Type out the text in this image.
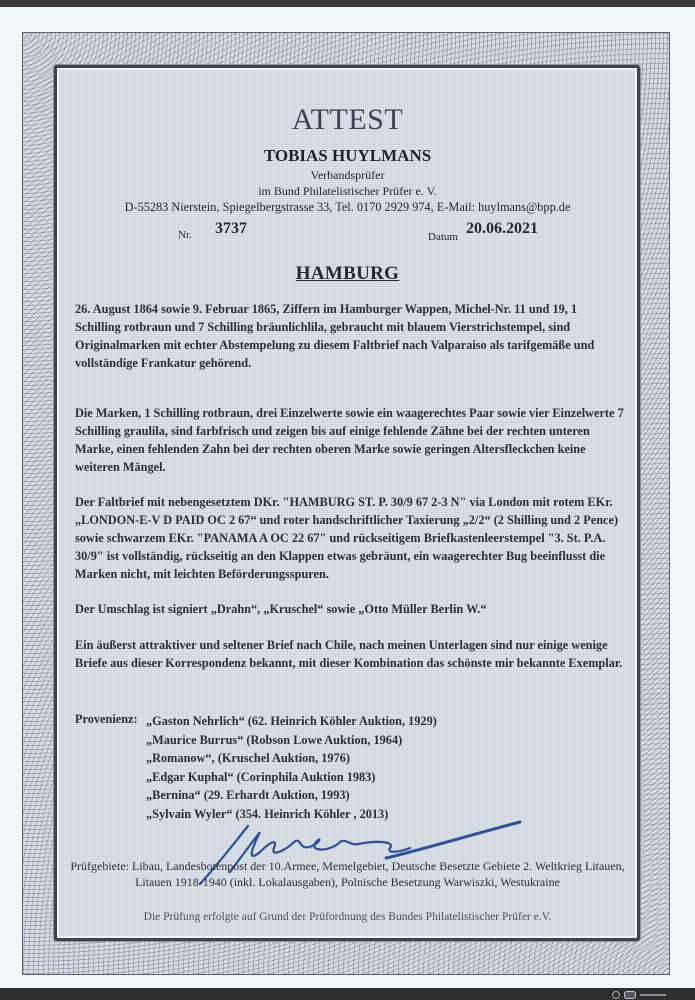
ATTEST
TOBIAS HUYLMANS
Verbandsprüfer
im Bund Philatelistischer Prüfer e. V.
D-55283 Nierstein, Spiegelbergstrasse 33, Tel. 0170 2929 974, E-Mail: huylmans@bpp.de
Nr. 3737	Datum 20.06.2021
HAMBURG
26. August 1864 sowie 9. Februar 1865, Ziffern im Hamburger Wappen, Michel-Nr. 11 und 19, 1 Schilling rotbraun und 7 Schilling bräunlichlila, gebraucht mit blauem Vierstrichstempel, sind Originalmarken mit echter Abstempelung zu diesem Faltbrief nach Valparaiso als tarifgemäße und vollständige Frankatur gehörend.
Die Marken, 1 Schilling rotbraun, drei Einzelwerte sowie ein waagerechtes Paar sowie vier Einzelwerte 7 Schilling graulila, sind farbfrisch und zeigen bis auf einige fehlende Zähne bei der rechten unteren Marke, einen fehlenden Zahn bei der rechten oberen Marke sowie geringen Altersfleckchen keine weiteren Mängel.
Der Faltbrief mit nebengesetztem DKr. "HAMBURG ST. P. 30/9 67 2-3 N" via London mit rotem EKr. „LONDON-E-V D PAID OC 2 67“ und roter handschriftlicher Taxierung „2/2“ (2 Shilling und 2 Pence) sowie schwarzem EKr. "PANAMA A OC 22 67" und rückseitigem Briefkastenleerstempel "3. St. P.A. 30/9" ist vollständig, rückseitig an den Klappen etwas gebräunt, ein waagerechter Bug beeinflusst die Marken nicht, mit leichten Beförderungsspuren.
Der Umschlag ist signiert „Drahn“, „Kruschel“ sowie „Otto Müller Berlin W.“
Ein äußerst attraktiver und seltener Brief nach Chile, nach meinen Unterlagen sind nur einige wenige Briefe aus dieser Korrespondenz bekannt, mit dieser Kombination das schönste mir bekannte Exemplar.
Provenienz: „Gaston Nehrlich“ (62. Heinrich Köhler Auktion, 1929)
„Maurice Burrus“ (Robson Lowe Auktion, 1964)
„Romanow“, (Kruschel Auktion, 1976)
„Edgar Kuphal“ (Corinphila Auktion 1983)
„Bernina“ (29. Erhardt Auktion, 1993)
„Sylvain Wyler“ (354. Heinrich Köhler , 2013)
Prüfgebiete: Libau, Landesbotenpost der 10.Armee, Memelgebiet, Deutsche Besetzte Gebiete 2. Weltkrieg Litauen, Litauen 1918-1940 (inkl. Lokalausgaben), Polnische Besetzung Warwiszki, Westukraine
Die Prüfung erfolgte auf Grund der Prüfordnung des Bundes Philatelistischer Prüfer e.V.
